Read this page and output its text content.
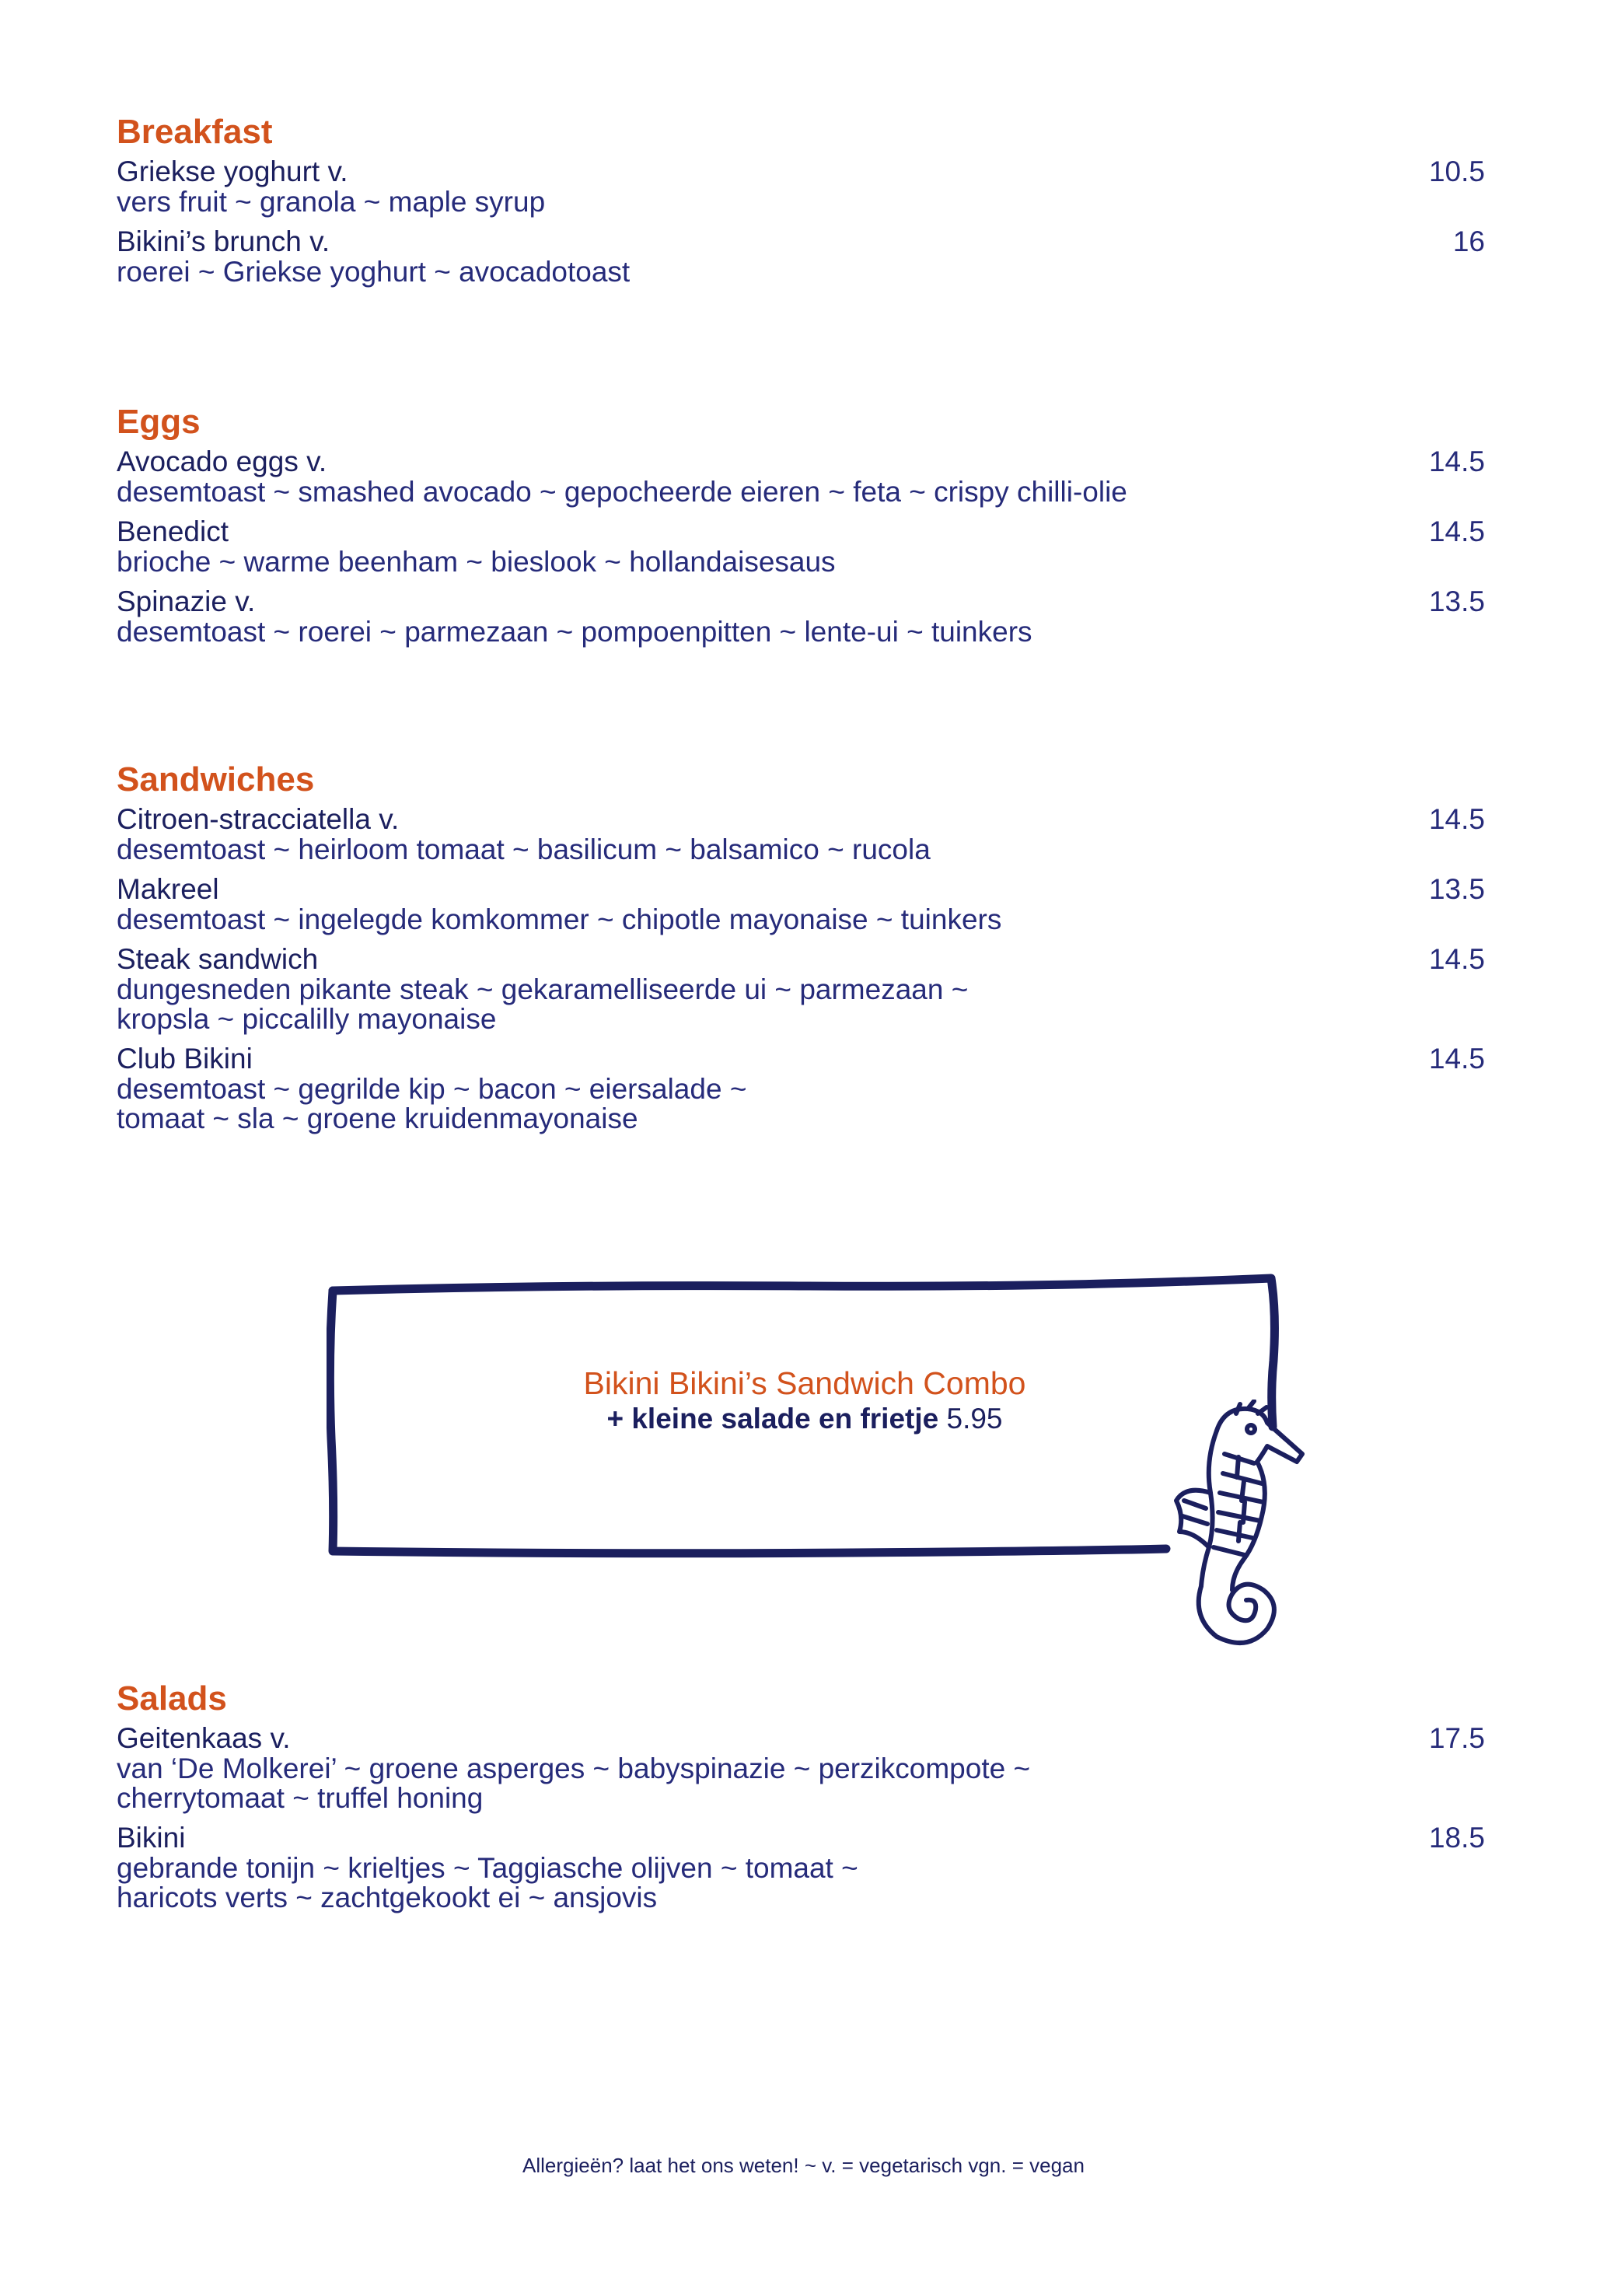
Breakfast
Griekse yoghurt v.
vers fruit ~ granola ~ maple syrup
10.5
Bikini’s brunch v.
roerei ~ Griekse yoghurt ~ avocadotoast
16
Eggs
Avocado eggs v.
desemtoast ~ smashed avocado ~ gepocheerde eieren ~ feta ~ crispy chilli-olie
14.5
Benedict
brioche ~ warme beenham ~ bieslook ~ hollandaisesaus
14.5
Spinazie v.
desemtoast ~ roerei ~ parmezaan ~ pompoenpitten ~ lente-ui ~ tuinkers
13.5
Sandwiches
Citroen-stracciatella v.
desemtoast ~ heirloom tomaat ~ basilicum ~ balsamico ~ rucola
14.5
Makreel
desemtoast ~ ingelegde komkommer ~ chipotle mayonaise ~ tuinkers
13.5
Steak sandwich
dungesneden pikante steak ~ gekaramelliseerde ui ~ parmezaan ~
kropsla ~ piccalilly mayonaise
14.5
Club Bikini
desemtoast ~ gegrilde kip ~ bacon ~ eiersalade ~
tomaat ~ sla ~ groene kruidenmayonaise
14.5
Bikini Bikini’s Sandwich Combo
+ kleine salade en frietje 5.95
Salads
Geitenkaas v.
van ‘De Molkerei’ ~ groene asperges ~ babyspinazie ~ perzikcompote ~
cherrytomaat ~ truffel honing
17.5
Bikini
gebrande tonijn ~ krieltjes ~ Taggiasche olijven ~ tomaat ~
haricots verts ~ zachtgekookt ei ~ ansjovis
18.5
Allergieën? laat het ons weten! ~ v. = vegetarisch vgn. = vegan
